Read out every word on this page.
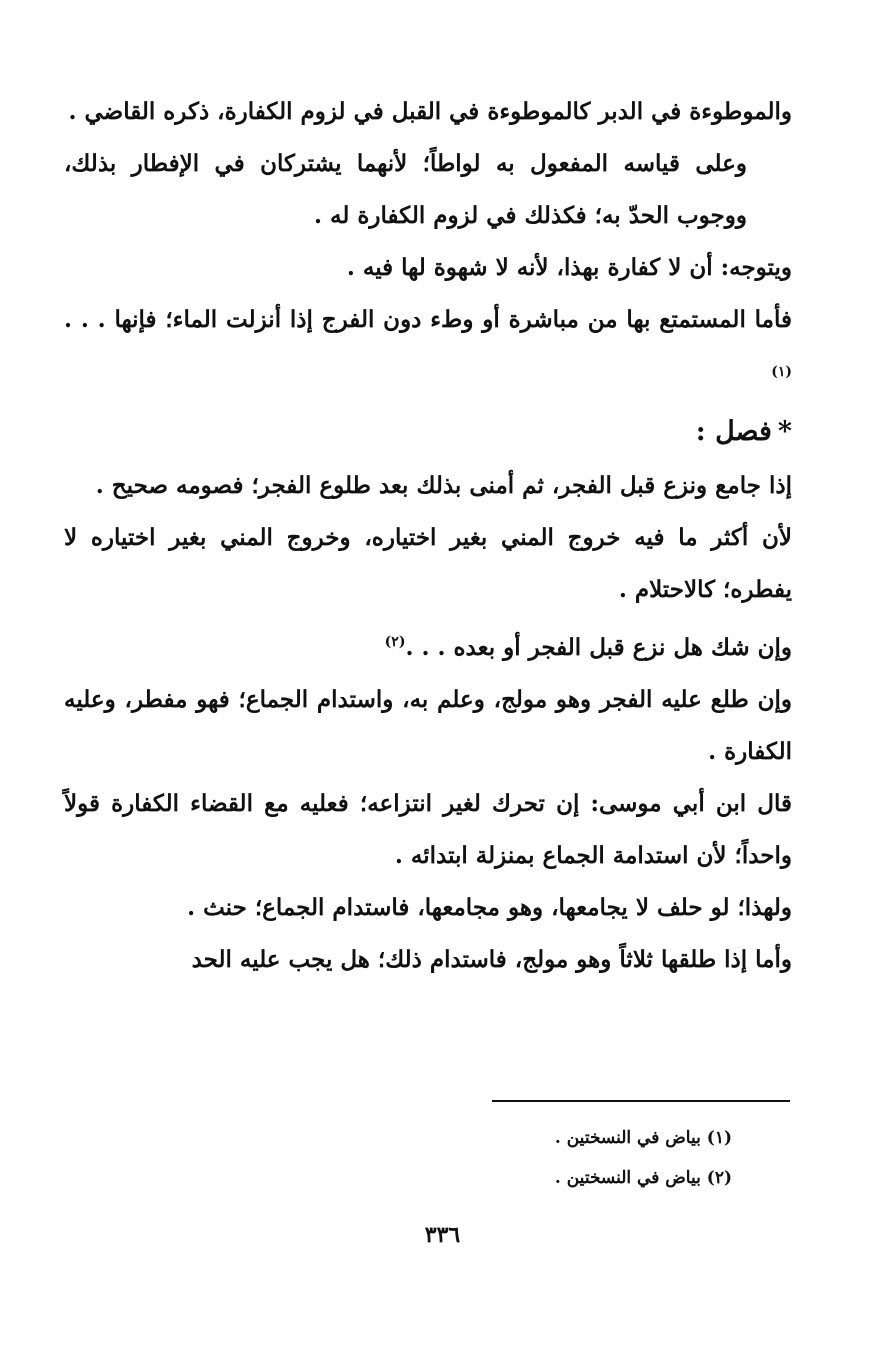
والموطوءة في الدبر كالموطوءة في القبل في لزوم الكفارة، ذكره القاضي .

وعلى قياسه المفعول به لواطاً؛ لأنهما يشتركان في الإفطار بذلك، ووجوب الحدّ به؛ فكذلك في لزوم الكفارة له .

ويتوجه: أن لا كفارة بهذا، لأنه لا شهوة لها فيه .

فأما المستمتع بها من مباشرة أو وطء دون الفرج إذا أنزلت الماء؛ فإنها . . .$^{(١)}$

*فصل :

إذا جامع ونزع قبل الفجر، ثم أمنى بذلك بعد طلوع الفجر؛ فصومه صحيح .

لأن أكثر ما فيه خروج المني بغير اختياره، وخروج المني بغير اختياره لا يفطره؛ كالاحتلام .

وإن شك هل نزع قبل الفجر أو بعده . . .$^{(٢)}$

وإن طلع عليه الفجر وهو مولج، وعلم به، واستدام الجماع؛ فهو مفطر، وعليه الكفارة .

قال ابن أبي موسى: إن تحرك لغير انتزاعه؛ فعليه مع القضاء الكفارة قولاً واحداً؛ لأن استدامة الجماع بمنزلة ابتدائه .

ولهذا؛ لو حلف لا يجامعها، وهو مجامعها، فاستدام الجماع؛ حنث .

وأما إذا طلقها ثلاثاً وهو مولج، فاستدام ذلك؛ هل يجب عليه الحد

(١) بياض في النسختين .

(٢) بياض في النسختين .

٣٣٦
